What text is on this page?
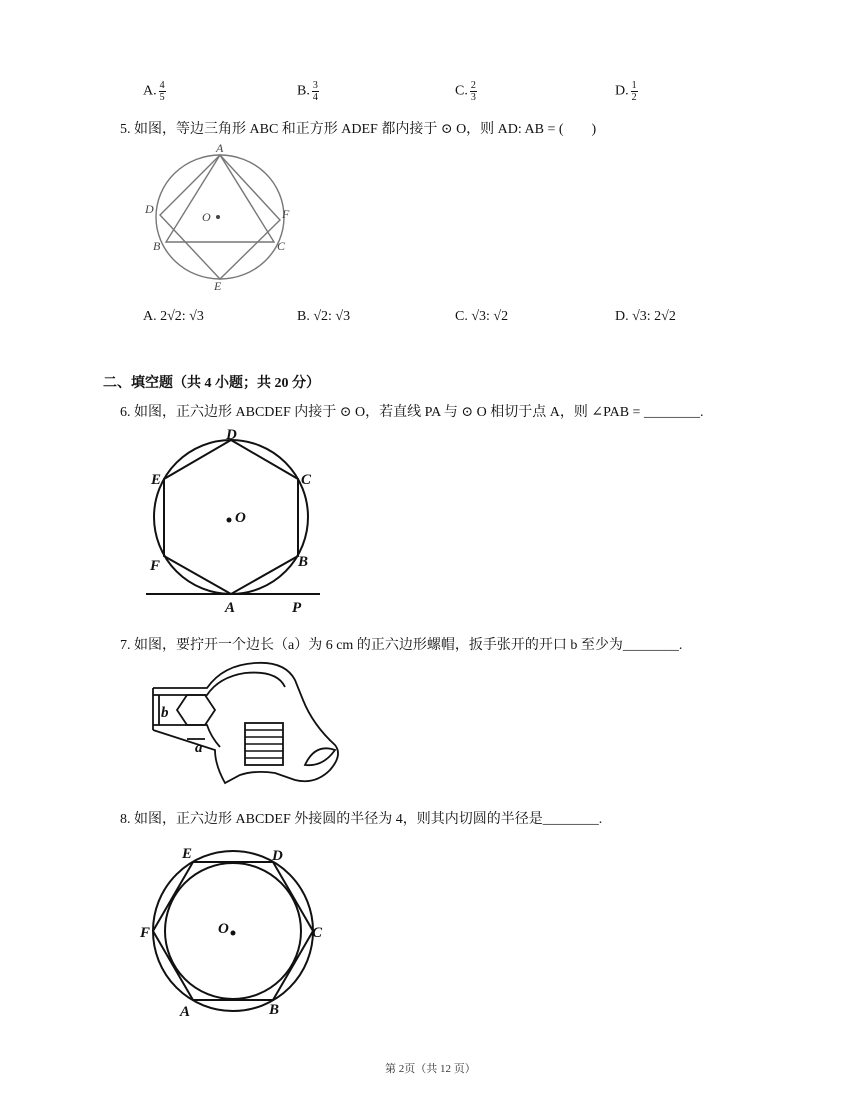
A. $\frac{4}{5}$	B. $\frac{3}{4}$	C. $\frac{2}{3}$	D. $\frac{1}{2}$
5. 如图，等边三角形 ABC 和正方形 ADEF 都内接于 ⊙ O，则 AD: AB = (　　)
A
D
B
F
C
E
O
A. 2√2: √3	B. √2: √3	C. √3: √2	D. √3: 2√2
二、填空题（共 4 小题；共 20 分）
6. 如图，正六边形 ABCDEF 内接于 ⊙ O，若直线 PA 与 ⊙ O 相切于点 A，则 ∠PAB = ________.
D
C
E
F	B
A	P
O
7. 如图，要拧开一个边长（a）为 6 cm 的正六边形螺帽，扳手张开的开口 b 至少为________.
b
a
8. 如图，正六边形 ABCDEF 外接圆的半径为 4，则其内切圆的半径是________.
E	D
F	C
A	B
O
第 2页（共 12 页）
